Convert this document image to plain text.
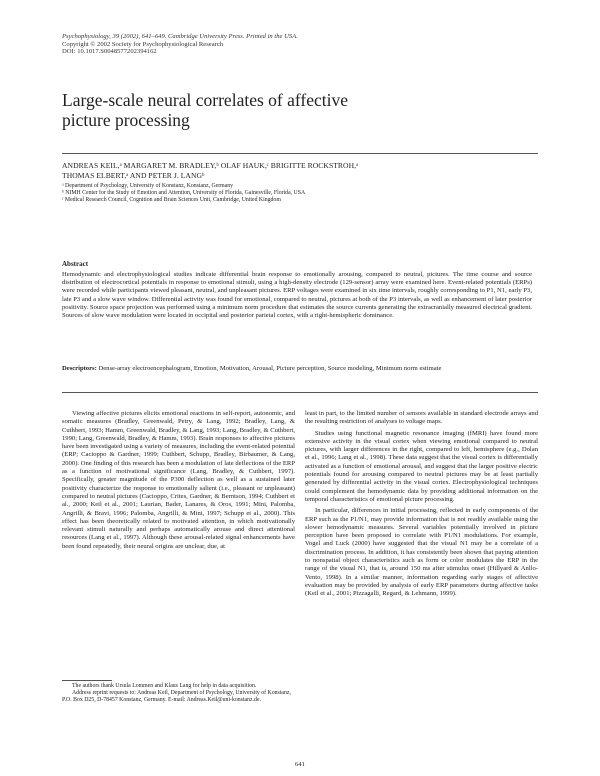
Psychophysiology, 39 (2002), 641–649. Cambridge University Press. Printed in the USA.
Copyright © 2002 Society for Psychophysiological Research
DOI: 10.1017.S0048577202394162
Large-scale neural correlates of affective
picture processing
ANDREAS KEIL,ᵃ MARGARET M. BRADLEY,ᵇ OLAF HAUK,ᶜ BRIGITTE ROCKSTROH,ᵃ
THOMAS ELBERT,ᵃ AND PETER J. LANGᵇ
ᵃ Department of Psychology, University of Konstanz, Konstanz, Germany
ᵇ NIMH Center for the Study of Emotion and Attention, University of Florida, Gainesville, Florida, USA
ᶜ Medical Research Council, Cognition and Brain Sciences Unit, Cambridge, United Kingdom
Abstract
Hemodynamic and electrophysiological studies indicate differential brain response to emotionally arousing, compared to neutral, pictures. The time course and source distribution of electrocortical potentials in response to emotional stimuli, using a high-density electrode (129-sensor) array were examined here. Event-related potentials (ERPs) were recorded while participants viewed pleasant, neutral, and unpleasant pictures. ERP voltages were examined in six time intervals, roughly corresponding to P1, N1, early P3, late P3 and a slow wave window. Differential activity was found for emotional, compared to neutral, pictures at both of the P3 intervals, as well as enhancement of later posterior positivity. Source space projection was performed using a minimum norm procedure that estimates the source currents generating the extracranially measured electrical gradient. Sources of slow wave modulation were located in occipital and posterior parietal cortex, with a right-hemispheric dominance.
Descriptors: Dense-array electroencephalogram, Emotion, Motivation, Arousal, Picture perception, Source modeling, Minimum norm estimate

Viewing affective pictures elicits emotional reactions in self-report, autonomic, and somatic measures (Bradley, Greenwald, Petry, & Lang, 1992; Bradley, Lang, & Cuthbert, 1993; Hamm, Greenwald, Bradley, & Lang, 1993; Lang, Bradley, & Cuthbert, 1990; Lang, Greenwald, Bradley, & Hamm, 1993). Brain responses to affective pictures have been investigated using a variety of measures, including the event-related potential (ERP; Cacioppo & Gardner, 1999; Cuthbert, Schupp, Bradley, Birbaumer, & Lang, 2000). One finding of this research has been a modulation of late deflections of the ERP as a function of motivational significance (Lang, Bradley, & Cuthbert, 1997). Specifically, greater magnitude of the P300 deflection as well as a sustained later positivity characterize the response to emotionally salient (i.e., pleasant or unpleasant) compared to neutral pictures (Cacioppo, Crites, Gardner, & Berntson, 1994; Cuthbert et al., 2000; Keil et al., 2001; Laurian, Bader, Lanares, & Oros, 1991; Mini, Palomba, Angrilli, & Bravi, 1996; Palomba, Angrilli, & Mini, 1997; Schupp et al., 2000). This effect has been theoretically related to motivated attention, in which motivationally relevant stimuli naturally and perhaps automatically arouse and direct attentional resources (Lang et al., 1997). Although these arousal-related signal enhancements have been found repeatedly, their neural origins are unclear, due, at

least in part, to the limited number of sensors available in standard electrode arrays and the resulting restriction of analyses to voltage maps.

Studies using functional magnetic resonance imaging (fMRI) have found more extensive activity in the visual cortex when viewing emotional compared to neutral pictures, with larger differences in the right, compared to left, hemisphere (e.g., Dolan et al., 1996; Lang et al., 1998). These data suggest that the visual cortex is differentially activated as a function of emotional arousal, and suggest that the larger positive electric potentials found for arousing compared to neutral pictures may be at least partially generated by differential activity in the visual cortex. Electrophysiological techniques could complement the hemodynamic data by providing additional information on the temporal characteristics of emotional picture processing.

In particular, differences in initial processing, reflected in early components of the ERP such as the P1/N1, may provide information that is not readily available using the slower hemodynamic measures. Several variables potentially involved in picture perception have been proposed to correlate with P1/N1 modulations. For example, Vogel and Luck (2000) have suggested that the visual N1 may be a correlate of a discrimination process. In addition, it has consistently been shown that paying attention to nonspatial object characteristics such as form or color modulates the ERP in the range of the visual N1, that is, around 150 ms after stimulus onset (Hillyard & Anllo-Vento, 1998). In a similar manner, information regarding early stages of affective evaluation may be provided by analysis of early ERP parameters during affective tasks (Keil et al., 2001; Pizzagalli, Regard, & Lehmann, 1999).

The authors thank Ursula Lommen and Klaus Lang for help in data acquisition.

Address reprint requests to: Andreas Keil, Department of Psychology, University of Konstanz, P.O. Box D25, D-78457 Konstanz, Germany. E-mail: Andreas.Keil@uni-konstanz.de.

641
